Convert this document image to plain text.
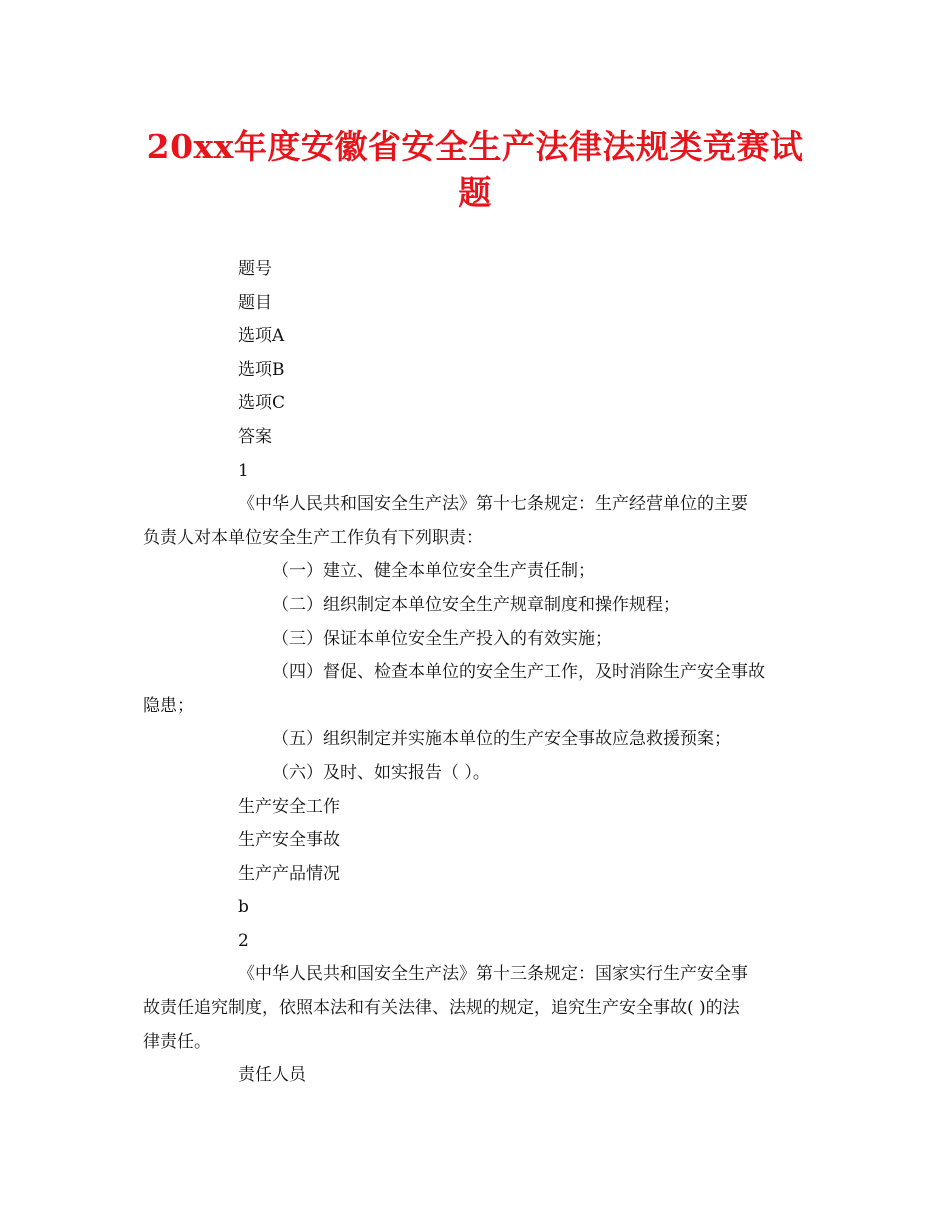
20xx年度安徽省安全生产法律法规类竞赛试
题
题号
题目
选项A
选项B
选项C
答案
1
《中华人民共和国安全生产法》第十七条规定：生产经营单位的主要
负责人对本单位安全生产工作负有下列职责：
（一）建立、健全本单位安全生产责任制；
（二）组织制定本单位安全生产规章制度和操作规程；
（三）保证本单位安全生产投入的有效实施；
（四）督促、检查本单位的安全生产工作，及时消除生产安全事故
隐患；
（五）组织制定并实施本单位的生产安全事故应急救援预案；
（六）及时、如实报告（ ）。
生产安全工作
生产安全事故
生产产品情况
b
2
《中华人民共和国安全生产法》第十三条规定：国家实行生产安全事
故责任追究制度，依照本法和有关法律、法规的规定，追究生产安全事故( )的法
律责任。
责任人员
